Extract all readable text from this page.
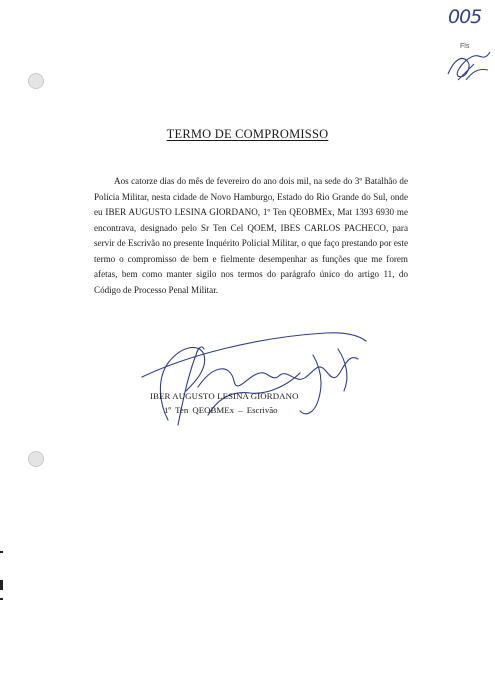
005
Fls
TERMO DE COMPROMISSO
Aos catorze dias do mês de fevereiro do ano dois mil, na sede do 3º Batalhão de Polícia Militar, nesta cidade de Novo Hamburgo, Estado do Rio Grande do Sul, onde eu IBER AUGUSTO LESINA GIORDANO, 1º Ten QEOBMEx, Mat 1393 6930 me encontrava, designado pelo Sr Ten Cel QOEM, IBES CARLOS PACHECO, para servir de Escrivão no presente Inquérito Policial Militar, o que faço prestando por este termo o compromisso de bem e fielmente desempenhar as funções que me forem afetas, bem como manter sigilo nos termos do parágrafo único do artigo 11, do Código de Processo Penal Militar.
IBER AUGUSTO LESINA GIORDANO
1º Ten QEOBMEx – Escrivão
